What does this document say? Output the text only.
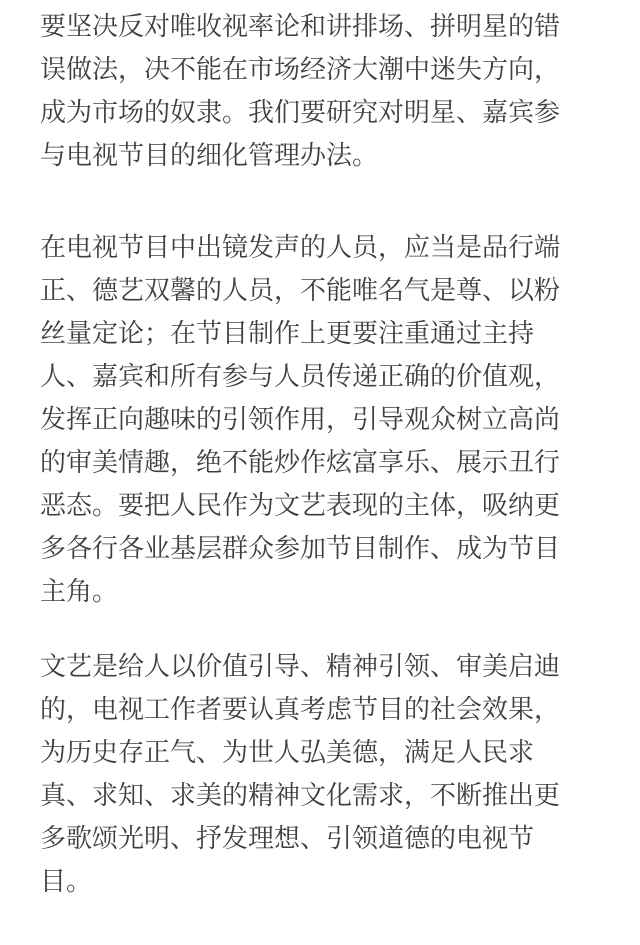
要坚决反对唯收视率论和讲排场、拼明星的错
误做法，决不能在市场经济大潮中迷失方向，
成为市场的奴隶。我们要研究对明星、嘉宾参
与电视节目的细化管理办法。
在电视节目中出镜发声的人员，应当是品行端
正、德艺双馨的人员，不能唯名气是尊、以粉
丝量定论；在节目制作上更要注重通过主持
人、嘉宾和所有参与人员传递正确的价值观，
发挥正向趣味的引领作用，引导观众树立高尚
的审美情趣，绝不能炒作炫富享乐、展示丑行
恶态。要把人民作为文艺表现的主体，吸纳更
多各行各业基层群众参加节目制作、成为节目
主角。
文艺是给人以价值引导、精神引领、审美启迪
的，电视工作者要认真考虑节目的社会效果，
为历史存正气、为世人弘美德，满足人民求
真、求知、求美的精神文化需求，不断推出更
多歌颂光明、抒发理想、引领道德的电视节
目。
